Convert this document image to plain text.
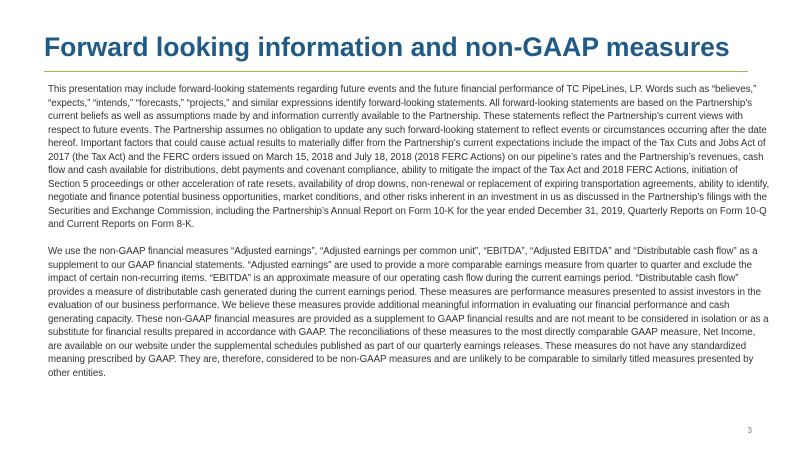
Forward looking information and non-GAAP measures

This presentation may include forward-looking statements regarding future events and the future financial performance of TC PipeLines, LP. Words such as “believes,” “expects,” “intends,” “forecasts,” “projects,” and similar expressions identify forward-looking statements. All forward-looking statements are based on the Partnership’s current beliefs as well as assumptions made by and information currently available to the Partnership. These statements reflect the Partnership’s current views with respect to future events. The Partnership assumes no obligation to update any such forward-looking statement to reflect events or circumstances occurring after the date hereof. Important factors that could cause actual results to materially differ from the Partnership’s current expectations include the impact of the Tax Cuts and Jobs Act of 2017 (the Tax Act) and the FERC orders issued on March 15, 2018 and July 18, 2018 (2018 FERC Actions) on our pipeline’s rates and the Partnership’s revenues, cash flow and cash available for distributions, debt payments and covenant compliance, ability to mitigate the impact of the Tax Act and 2018 FERC Actions, initiation of Section 5 proceedings or other acceleration of rate resets, availability of drop downs, non-renewal or replacement of expiring transportation agreements, ability to identify, negotiate and finance potential business opportunities, market conditions, and other risks inherent in an investment in us as discussed in the Partnership’s filings with the Securities and Exchange Commission, including the Partnership’s Annual Report on Form 10-K for the year ended December 31, 2019, Quarterly Reports on Form 10-Q and Current Reports on Form 8-K.

We use the non-GAAP financial measures “Adjusted earnings”, “Adjusted earnings per common unit”, “EBITDA”, “Adjusted EBITDA” and ‘‘Distributable cash flow” as a supplement to our GAAP financial statements. “Adjusted earnings” are used to provide a more comparable earnings measure from quarter to quarter and exclude the impact of certain non-recurring items. “EBITDA” is an approximate measure of our operating cash flow during the current earnings period. “Distributable cash flow” provides a measure of distributable cash generated during the current earnings period. These measures are performance measures presented to assist investors in the evaluation of our business performance. We believe these measures provide additional meaningful information in evaluating our financial performance and cash generating capacity. These non-GAAP financial measures are provided as a supplement to GAAP financial results and are not meant to be considered in isolation or as a substitute for financial results prepared in accordance with GAAP. The reconciliations of these measures to the most directly comparable GAAP measure, Net Income, are available on our website under the supplemental schedules published as part of our quarterly earnings releases. These measures do not have any standardized meaning prescribed by GAAP. They are, therefore, considered to be non-GAAP measures and are unlikely to be comparable to similarly titled measures presented by other entities.

3
